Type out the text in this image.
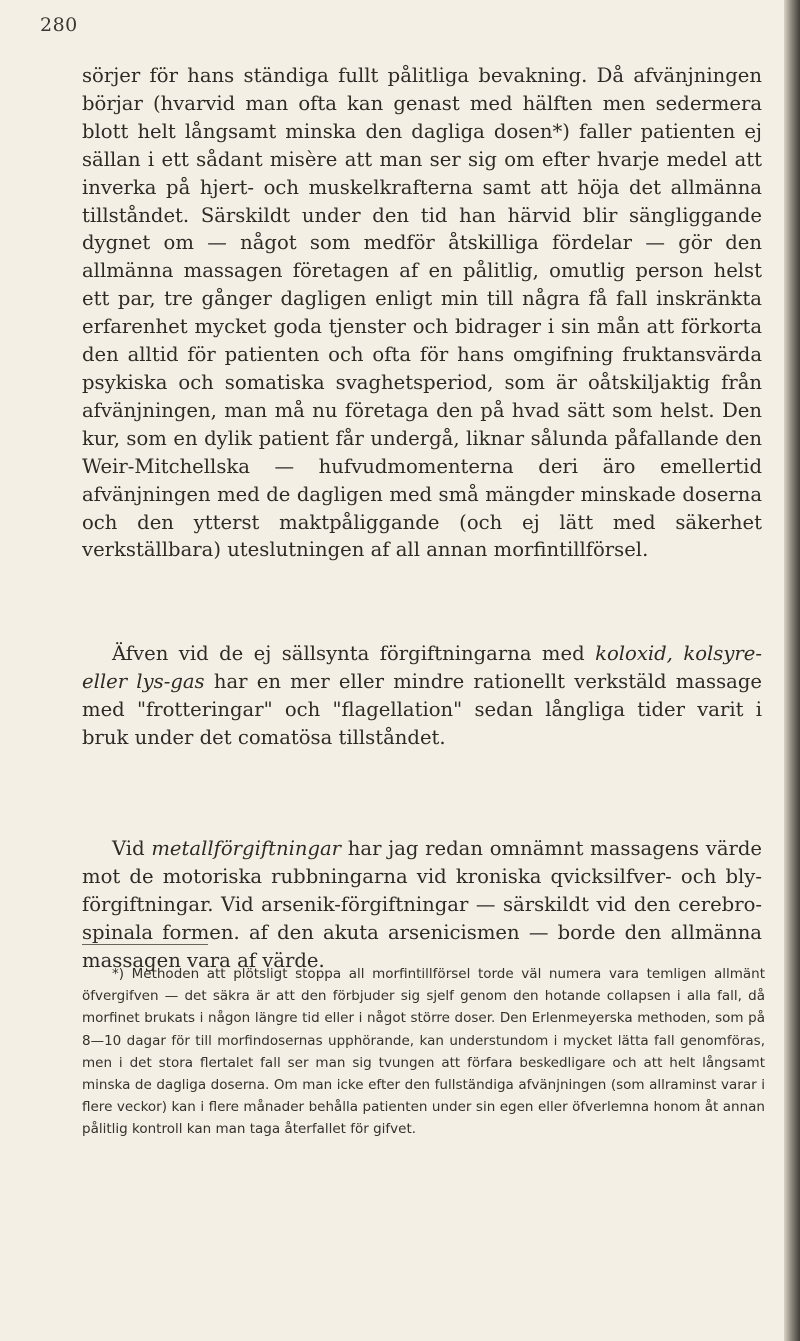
280

sörjer för hans ständiga fullt pålitliga bevakning. Då afvänjningen börjar (hvarvid man ofta kan genast med hälften men sedermera blott helt långsamt minska den dagliga dosen*) faller patienten ej sällan i ett sådant misère att man ser sig om efter hvarje medel att inverka på hjert- och muskelkrafterna samt att höja det allmänna tillståndet. Särskildt under den tid han härvid blir sängliggande dygnet om — något som medför åtskilliga fördelar — gör den allmänna massagen företagen af en pålitlig, omutlig person helst ett par, tre gånger dagligen enligt min till några få fall inskränkta erfarenhet mycket goda tjenster och bidrager i sin mån att förkorta den alltid för patienten och ofta för hans omgifning fruktansvärda psykiska och somatiska svaghetsperiod, som är oåtskiljaktig från afvänjningen, man må nu företaga den på hvad sätt som helst. Den kur, som en dylik patient får undergå, liknar sålunda påfallande den Weir-Mitchellska — hufvudmomenterna deri äro emellertid afvänjningen med de dagligen med små mängder minskade doserna och den ytterst maktpåliggande (och ej lätt med säkerhet verkställbara) uteslutningen af all annan morfintillförsel.

Äfven vid de ej sällsynta förgiftningarna med koloxid, kolsyre- eller lys-gas har en mer eller mindre rationellt verkstäld massage med "frotteringar" och "flagellation" sedan långliga tider varit i bruk under det comatösa tillståndet.

Vid metallförgiftningar har jag redan omnämnt massagens värde mot de motoriska rubbningarna vid kroniska qvicksilfver- och bly-förgiftningar. Vid arsenik-förgiftningar — särskildt vid den cerebro-spinala formen. af den akuta arsenicismen — borde den allmänna massagen vara af värde.

*) Methoden att plötsligt stoppa all morfintillförsel torde väl numera vara temligen allmänt öfvergifven — det säkra är att den förbjuder sig sjelf genom den hotande collapsen i alla fall, då morfinet brukats i någon längre tid eller i något större doser. Den Erlenmeyerska methoden, som på 8—10 dagar för till morfindosernas upphörande, kan understundom i mycket lätta fall genomföras, men i det stora flertalet fall ser man sig tvungen att förfara beskedligare och att helt långsamt minska de dagliga doserna. Om man icke efter den fullständiga afvänjningen (som allraminst varar i flere veckor) kan i flere månader behålla patienten under sin egen eller öfverlemna honom åt annan pålitlig kontroll kan man taga återfallet för gifvet.
